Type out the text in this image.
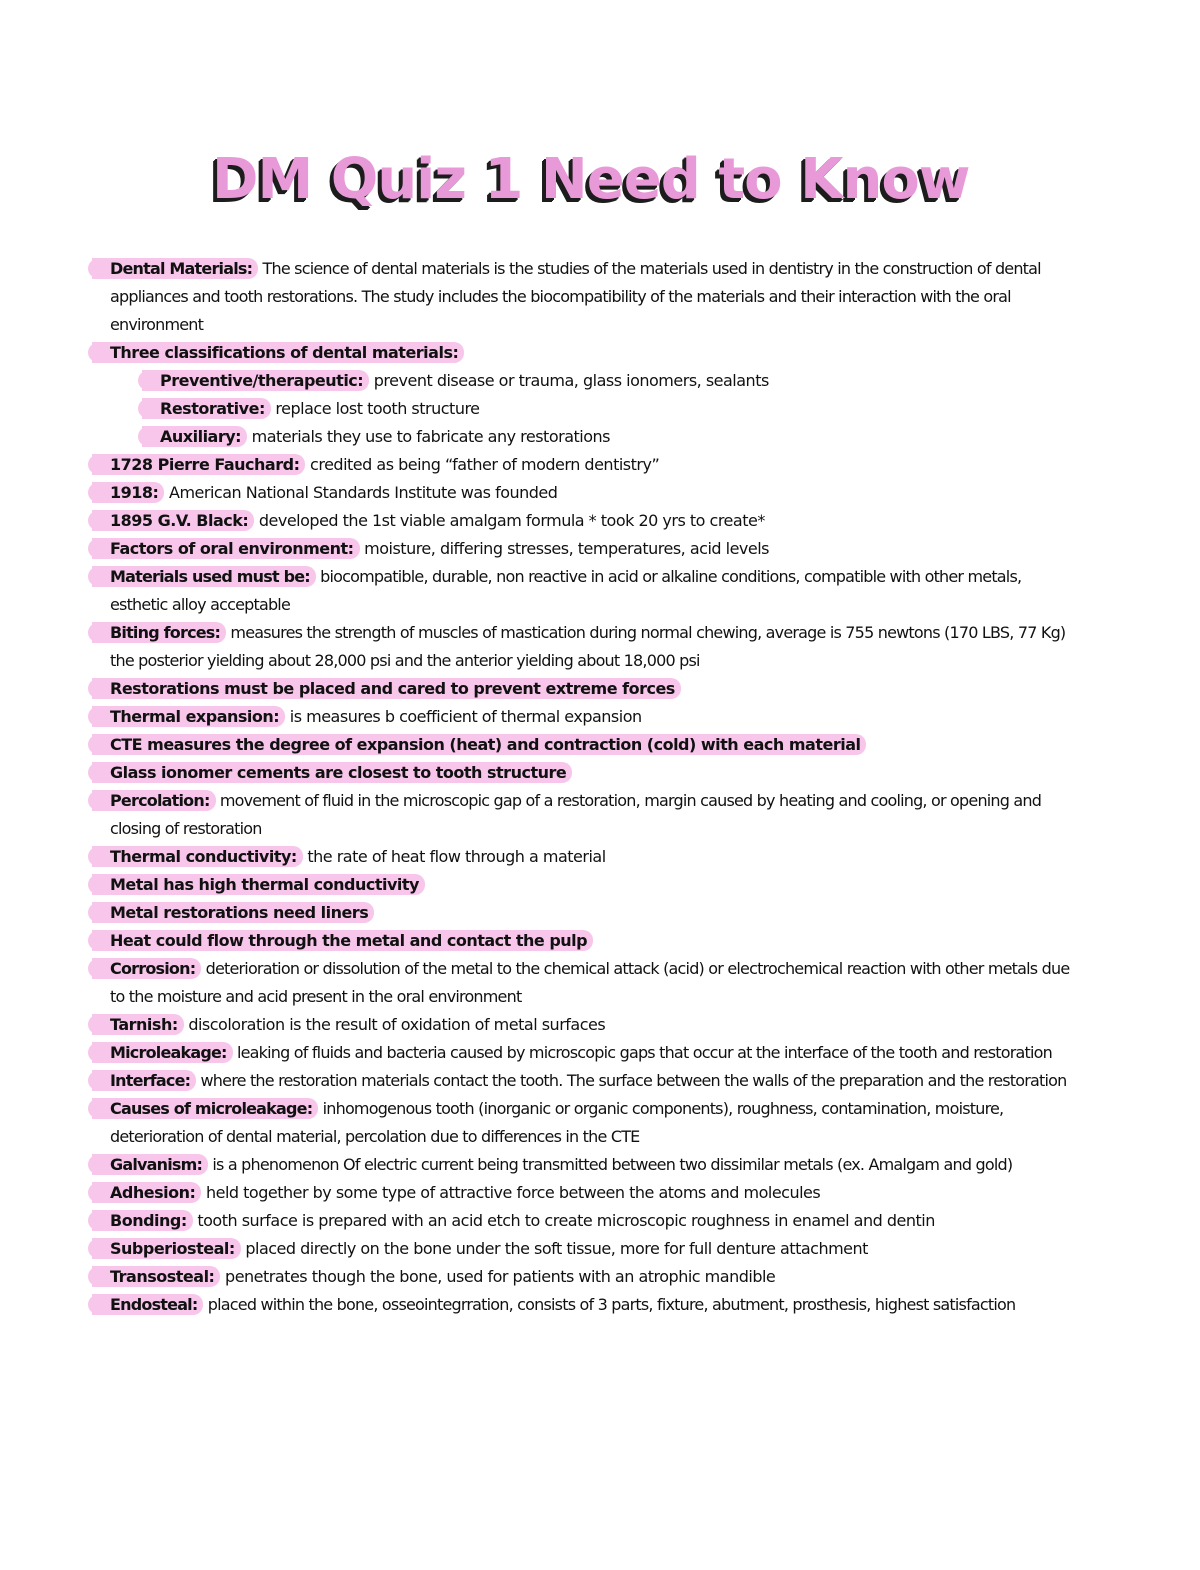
DM Quiz 1 Need to Know

Dental Materials: The science of dental materials is the studies of the materials used in dentistry in the construction of dental appliances and tooth restorations. The study includes the biocompatibility of the materials and their interaction with the oral environment

Three classifications of dental materials:

Preventive/therapeutic: prevent disease or trauma, glass ionomers, sealants

Restorative: replace lost tooth structure

Auxiliary: materials they use to fabricate any restorations

1728 Pierre Fauchard: credited as being “father of modern dentistry”

1918: American National Standards Institute was founded

1895 G.V. Black: developed the 1st viable amalgam formula * took 20 yrs to create*

Factors of oral environment: moisture, differing stresses, temperatures, acid levels

Materials used must be: biocompatible, durable, non reactive in acid or alkaline conditions, compatible with other metals, esthetic alloy acceptable

Biting forces: measures the strength of muscles of mastication during normal chewing, average is 755 newtons (170 LBS, 77 Kg) the posterior yielding about 28,000 psi and the anterior yielding about 18,000 psi

Restorations must be placed and cared to prevent extreme forces

Thermal expansion: is measures b coefficient of thermal expansion

CTE measures the degree of expansion (heat) and contraction (cold) with each material

Glass ionomer cements are closest to tooth structure

Percolation: movement of fluid in the microscopic gap of a restoration, margin caused by heating and cooling, or opening and closing of restoration

Thermal conductivity: the rate of heat flow through a material

Metal has high thermal conductivity

Metal restorations need liners

Heat could flow through the metal and contact the pulp

Corrosion: deterioration or dissolution of the metal to the chemical attack (acid) or electrochemical reaction with other metals due to the moisture and acid present in the oral environment

Tarnish: discoloration is the result of oxidation of metal surfaces

Microleakage: leaking of fluids and bacteria caused by microscopic gaps that occur at the interface of the tooth and restoration

Interface: where the restoration materials contact the tooth. The surface between the walls of the preparation and the restoration

Causes of microleakage: inhomogenous tooth (inorganic or organic components), roughness, contamination, moisture, deterioration of dental material, percolation due to differences in the CTE

Galvanism: is a phenomenon Of electric current being transmitted between two dissimilar metals (ex. Amalgam and gold)

Adhesion: held together by some type of attractive force between the atoms and molecules

Bonding: tooth surface is prepared with an acid etch to create microscopic roughness in enamel and dentin

Subperiosteal: placed directly on the bone under the soft tissue, more for full denture attachment

Transosteal: penetrates though the bone, used for patients with an atrophic mandible

Endosteal: placed within the bone, osseointegrration, consists of 3 parts, fixture, abutment, prosthesis, highest satisfaction
